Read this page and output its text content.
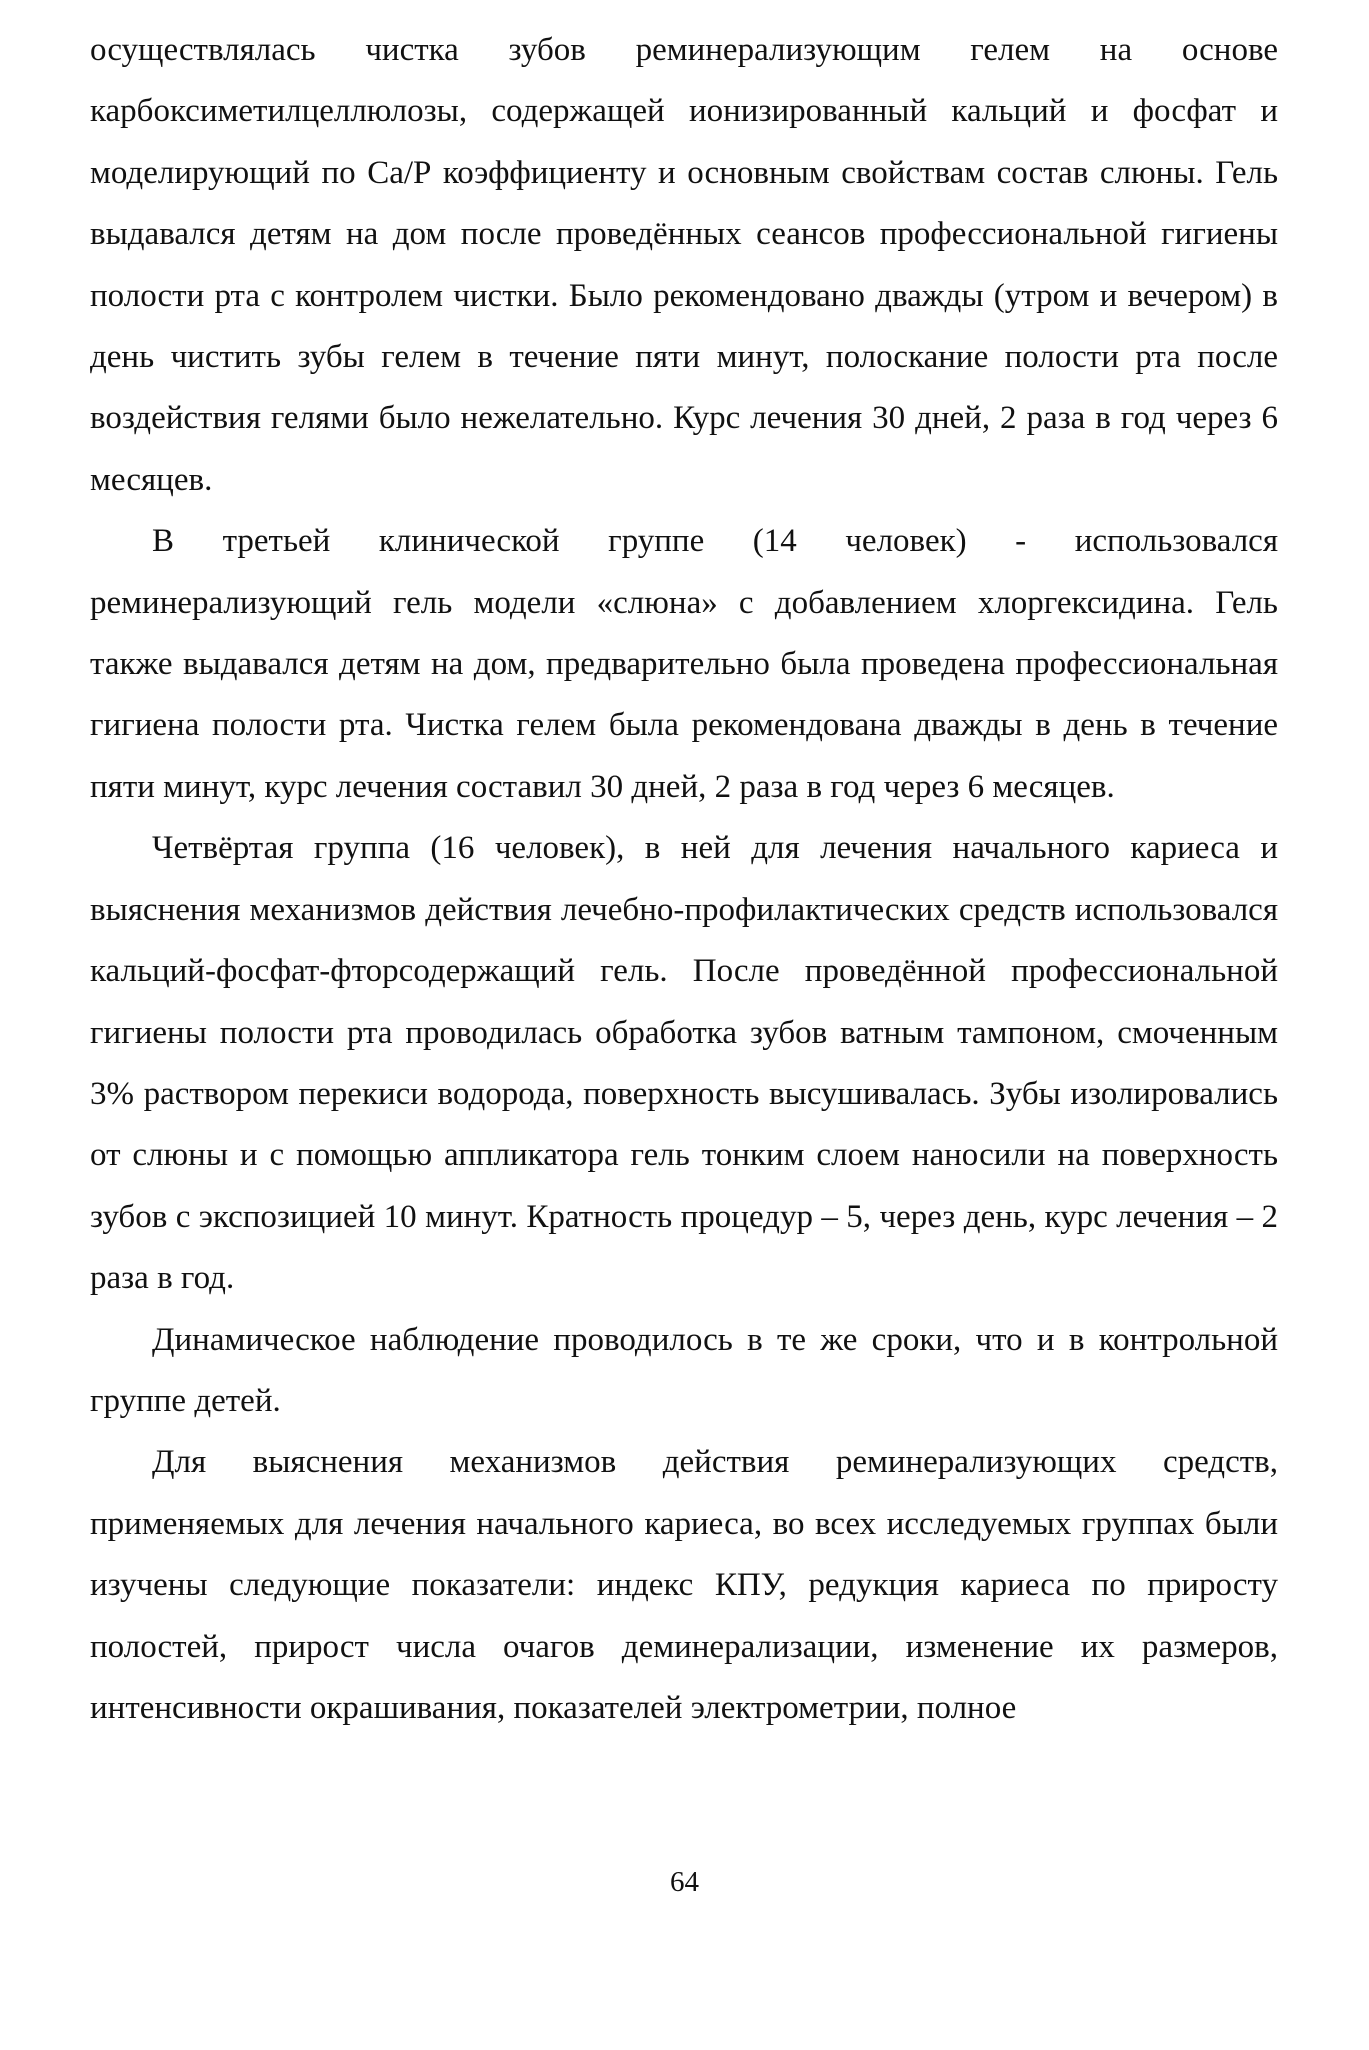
осуществлялась чистка зубов реминерализующим гелем на основе карбоксиметилцеллюлозы, содержащей ионизированный кальций и фосфат и моделирующий по Са/Р коэффициенту и основным свойствам состав слюны. Гель выдавался детям на дом после проведённых сеансов профессиональной гигиены полости рта с контролем чистки. Было рекомендовано дважды (утром и вечером) в день чистить зубы гелем в течение пяти минут, полоскание полости рта после воздействия гелями было нежелательно. Курс лечения 30 дней, 2 раза в год через 6 месяцев.

В третьей клинической группе (14 человек) - использовался реминерализующий гель модели «слюна» с добавлением хлоргексидина. Гель также выдавался детям на дом, предварительно была проведена профессиональная гигиена полости рта. Чистка гелем была рекомендована дважды в день в течение пяти минут, курс лечения составил 30 дней, 2 раза в год через 6 месяцев.

Четвёртая группа (16 человек), в ней для лечения начального кариеса и выяснения механизмов действия лечебно-профилактических средств использовался кальций-фосфат-фторсодержащий гель. После проведённой профессиональной гигиены полости рта проводилась обработка зубов ватным тампоном, смоченным 3% раствором перекиси водорода, поверхность высушивалась. Зубы изолировались от слюны и с помощью аппликатора гель тонким слоем наносили на поверхность зубов с экспозицией 10 минут. Кратность процедур – 5, через день, курс лечения – 2 раза в год.

Динамическое наблюдение проводилось в те же сроки, что и в контрольной группе детей.

Для выяснения механизмов действия реминерализующих средств, применяемых для лечения начального кариеса, во всех исследуемых группах были изучены следующие показатели: индекс КПУ, редукция кариеса по приросту полостей, прирост числа очагов деминерализации, изменение их размеров, интенсивности окрашивания, показателей электрометрии, полное

64
